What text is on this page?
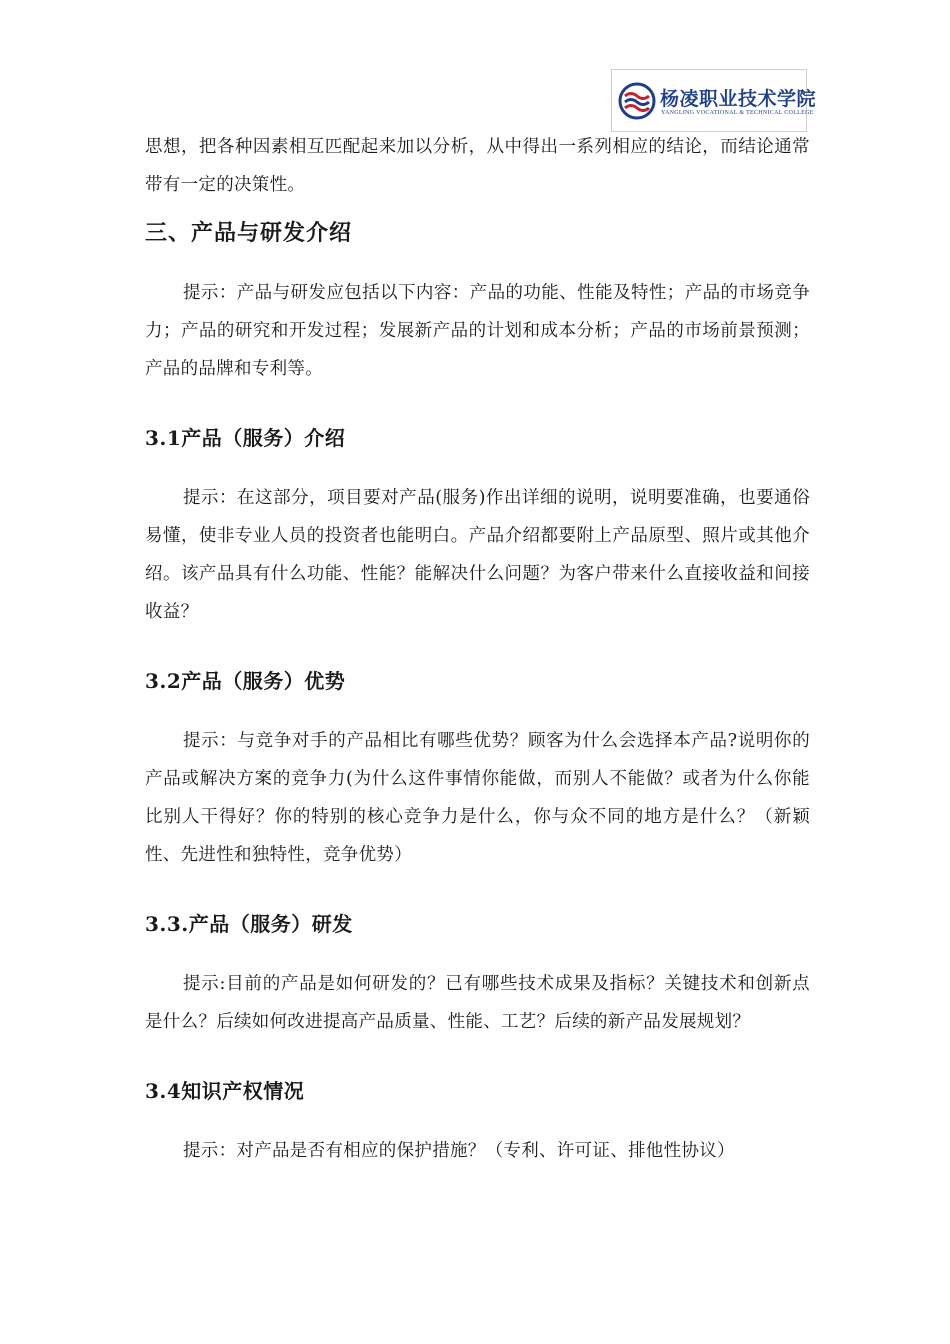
杨凌职业技术学院
YANGLING VOCATIONAL & TECHNICAL COLLEGE

思想，把各种因素相互匹配起来加以分析，从中得出一系列相应的结论，而结论通常带有一定的决策性。

三、产品与研发介绍

提示：产品与研发应包括以下内容：产品的功能、性能及特性；产品的市场竞争力；产品的研究和开发过程；发展新产品的计划和成本分析；产品的市场前景预测；产品的品牌和专利等。

3.1产品（服务）介绍

提示：在这部分，项目要对产品(服务)作出详细的说明，说明要准确，也要通俗易懂，使非专业人员的投资者也能明白。产品介绍都要附上产品原型、照片或其他介绍。该产品具有什么功能、性能？能解决什么问题？为客户带来什么直接收益和间接收益？

3.2产品（服务）优势

提示：与竞争对手的产品相比有哪些优势？顾客为什么会选择本产品?说明你的产品或解决方案的竞争力(为什么这件事情你能做，而别人不能做？或者为什么你能比别人干得好？你的特别的核心竞争力是什么，你与众不同的地方是什么？（新颖性、先进性和独特性，竞争优势）

3.3.产品（服务）研发

提示:目前的产品是如何研发的？已有哪些技术成果及指标？关键技术和创新点是什么？后续如何改进提高产品质量、性能、工艺？后续的新产品发展规划？

3.4知识产权情况

提示：对产品是否有相应的保护措施？（专利、许可证、排他性协议）
